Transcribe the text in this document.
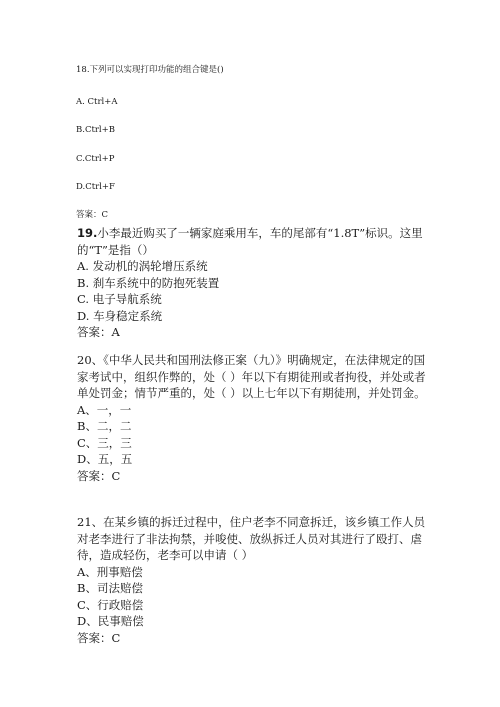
18.下列可以实现打印功能的组合键是()
A. Ctrl+A
B.Ctrl+B
C.Ctrl+P
D.Ctrl+F
答案：C
19.小李最近购买了一辆家庭乘用车，车的尾部有“1.8T”标识。这里的“T”是指（）
A. 发动机的涡轮增压系统
B. 刹车系统中的防抱死装置
C. 电子导航系统
D. 车身稳定系统
答案：A
20、《中华人民共和国刑法修正案（九）》明确规定，在法律规定的国家考试中，组织作弊的，处（ ）年以下有期徒刑或者拘役，并处或者单处罚金；情节严重的，处（ ）以上七年以下有期徒刑，并处罚金。
A、一，一
B、二，二
C、三，三
D、五，五
答案：C
21、在某乡镇的拆迁过程中，住户老李不同意拆迁，该乡镇工作人员对老李进行了非法拘禁，并唆使、放纵拆迁人员对其进行了殴打、虐待，造成轻伤，老李可以申请（ ）
A、刑事赔偿
B、司法赔偿
C、行政赔偿
D、民事赔偿
答案：C
